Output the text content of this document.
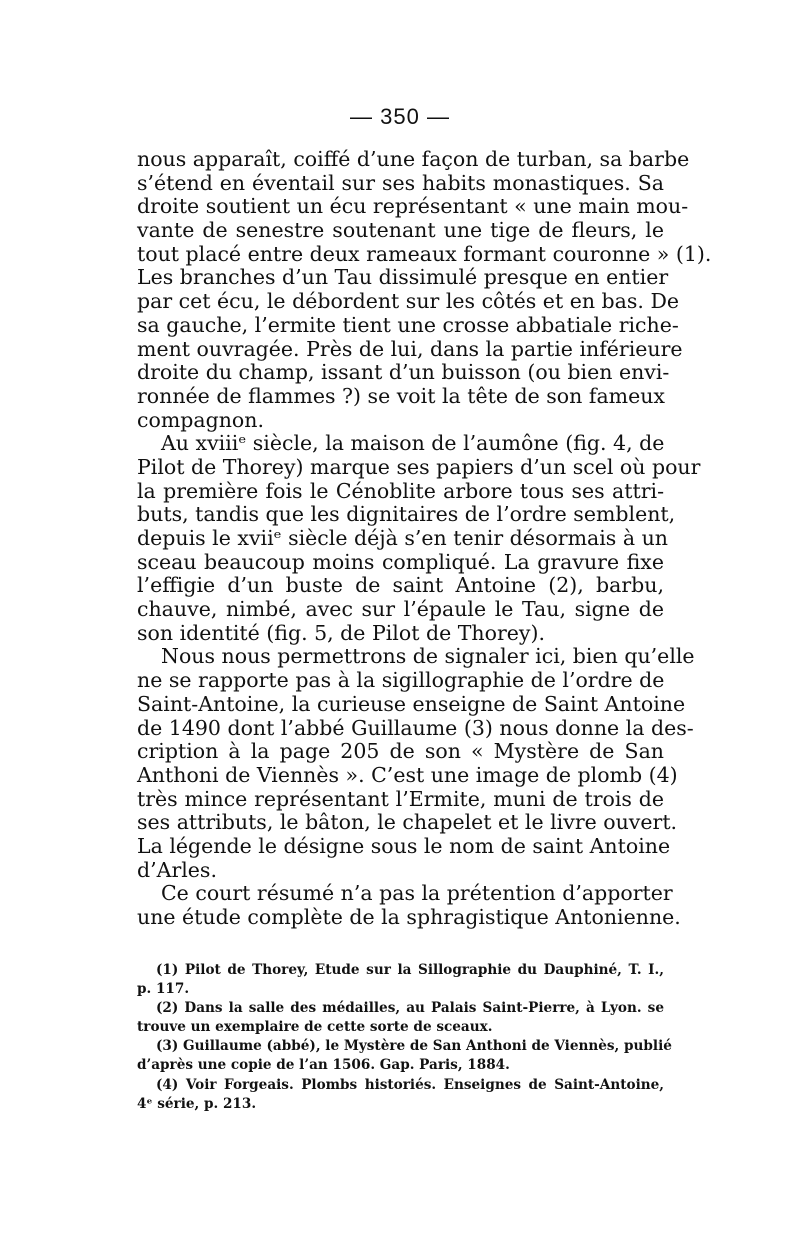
— 350 —
nous apparaît, coiffé d’une façon de turban, sa barbe
s’étend en éventail sur ses habits monastiques. Sa
droite soutient un écu représentant « une main mou-
vante de senestre soutenant une tige de fleurs, le
tout placé entre deux rameaux formant couronne » (1).
Les branches d’un Tau dissimulé presque en entier
par cet écu, le débordent sur les côtés et en bas. De
sa gauche, l’ermite tient une crosse abbatiale riche-
ment ouvragée. Près de lui, dans la partie inférieure
droite du champ, issant d’un buisson (ou bien envi-
ronnée de flammes ?) se voit la tête de son fameux
compagnon.
Au xviiiᵉ siècle, la maison de l’aumône (fig. 4, de
Pilot de Thorey) marque ses papiers d’un scel où pour
la première fois le Cénoblite arbore tous ses attri-
buts, tandis que les dignitaires de l’ordre semblent,
depuis le xviiᵉ siècle déjà s’en tenir désormais à un
sceau beaucoup moins compliqué. La gravure fixe
l’effigie d’un buste de saint Antoine (2), barbu,
chauve, nimbé, avec sur l’épaule le Tau, signe de
son identité (fig. 5, de Pilot de Thorey).
Nous nous permettrons de signaler ici, bien qu’elle
ne se rapporte pas à la sigillographie de l’ordre de
Saint-Antoine, la curieuse enseigne de Saint Antoine
de 1490 dont l’abbé Guillaume (3) nous donne la des-
cription à la page 205 de son « Mystère de San
Anthoni de Viennès ». C’est une image de plomb (4)
très mince représentant l’Ermite, muni de trois de
ses attributs, le bâton, le chapelet et le livre ouvert.
La légende le désigne sous le nom de saint Antoine
d’Arles.
Ce court résumé n’a pas la prétention d’apporter
une étude complète de la sphragistique Antonienne.
(1) Pilot de Thorey, Etude sur la Sillographie du Dauphiné, T. I.,
p. 117.
(2) Dans la salle des médailles, au Palais Saint-Pierre, à Lyon. se
trouve un exemplaire de cette sorte de sceaux.
(3) Guillaume (abbé), le Mystère de San Anthoni de Viennès, publié
d’après une copie de l’an 1506. Gap. Paris, 1884.
(4) Voir Forgeais. Plombs historiés. Enseignes de Saint-Antoine,
4ᵉ série, p. 213.
